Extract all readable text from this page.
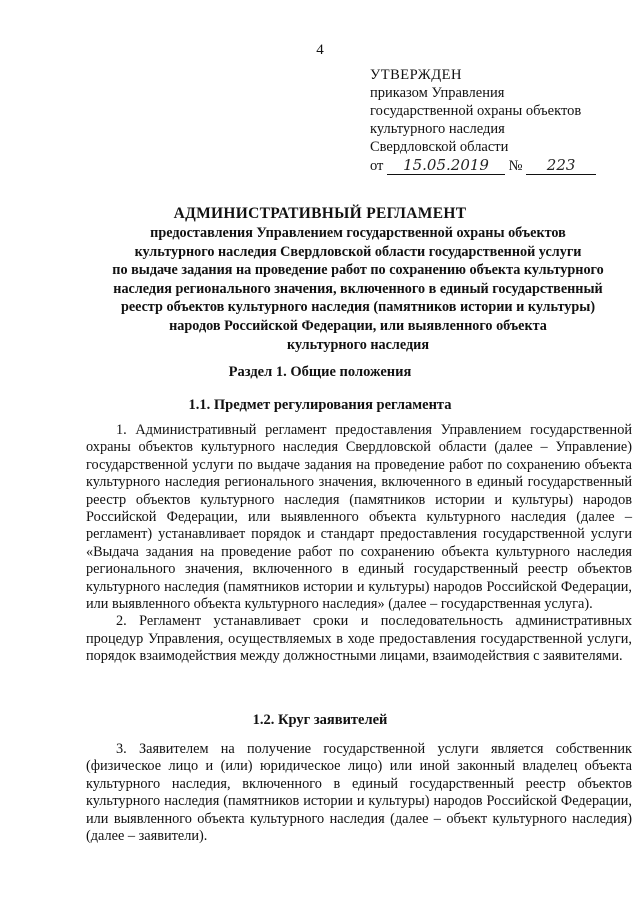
4
УТВЕРЖДЕН
приказом Управления
государственной охраны объектов
культурного наследия
Свердловской области
от 15.05.2019 № 223
АДМИНИСТРАТИВНЫЙ РЕГЛАМЕНТ
предоставления Управлением государственной охраны объектов
культурного наследия Свердловской области государственной услуги
по выдаче задания на проведение работ по сохранению объекта культурного
наследия регионального значения, включенного в единый государственный
реестр объектов культурного наследия (памятников истории и культуры)
народов Российской Федерации, или выявленного объекта
культурного наследия
Раздел 1. Общие положения
1.1. Предмет регулирования регламента

1. Административный регламент предоставления Управлением государственной охраны объектов культурного наследия Свердловской области (далее – Управление) государственной услуги по выдаче задания на проведение работ по сохранению объекта культурного наследия регионального значения, включенного в единый государственный реестр объектов культурного наследия (памятников истории и культуры) народов Российской Федерации, или выявленного объекта культурного наследия (далее – регламент) устанавливает порядок и стандарт предоставления государственной услуги «Выдача задания на проведение работ по сохранению объекта культурного наследия регионального значения, включенного в единый государственный реестр объектов культурного наследия (памятников истории и культуры) народов Российской Федерации, или выявленного объекта культурного наследия» (далее – государственная услуга).

2. Регламент устанавливает сроки и последовательность административных процедур Управления, осуществляемых в ходе предоставления государственной услуги, порядок взаимодействия между должностными лицами, взаимодействия с заявителями.

1.2. Круг заявителей

3. Заявителем на получение государственной услуги является собственник (физическое лицо и (или) юридическое лицо) или иной законный владелец объекта культурного наследия, включенного в единый государственный реестр объектов культурного наследия (памятников истории и культуры) народов Российской Федерации, или выявленного объекта культурного наследия (далее – объект культурного наследия) (далее – заявители).
